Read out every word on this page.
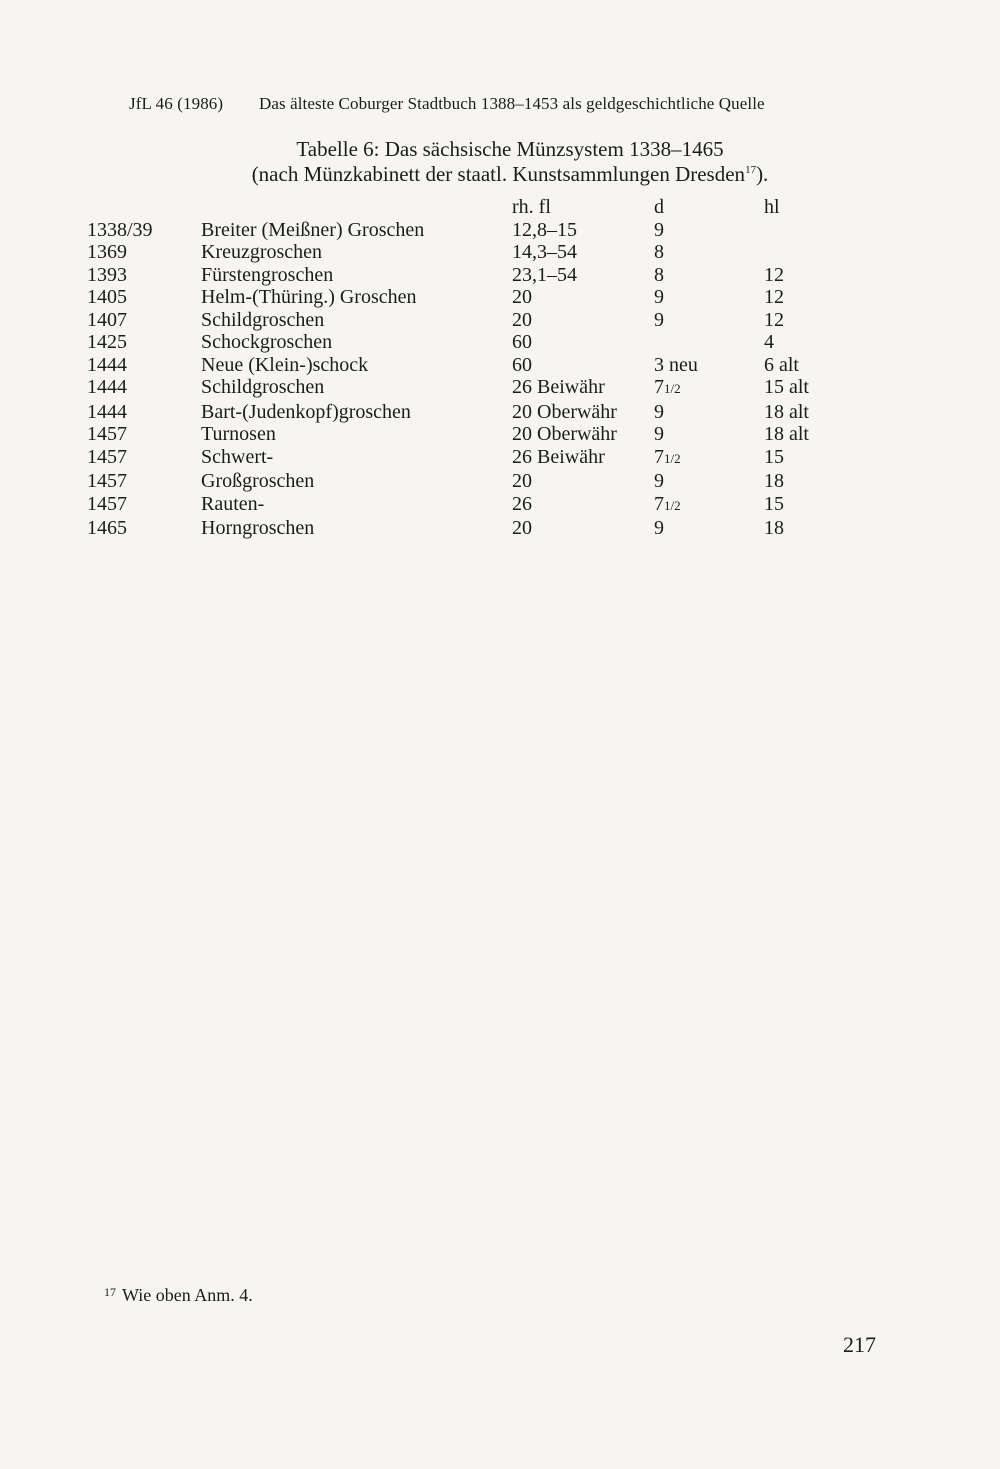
JfL 46 (1986) Das älteste Coburger Stadtbuch 1388–1453 als geldgeschichtliche Quelle
Tabelle 6: Das sächsische Münzsystem 1338–1465
(nach Münzkabinett der staatl. Kunstsammlungen Dresden$^{17}$).
		rh. fl	d	hl
1338/39	Breiter (Meißner) Groschen	12,8–15	9	
1369	Kreuzgroschen	14,3–54	8	
1393	Fürstengroschen	23,1–54	8	12
1405	Helm-(Thüring.) Groschen	20	9	12
1407	Schildgroschen	20	9	12
1425	Schockgroschen	60		4
1444	Neue (Klein-)schock	60	3 neu	6 alt
1444	Schildgroschen	26 Beiwähr	71/2	15 alt
1444	Bart-(Judenkopf)groschen	20 Oberwähr	9	18 alt
1457	Turnosen	20 Oberwähr	9	18 alt
1457	Schwert-	26 Beiwähr	71/2	15
1457	Großgroschen	20	9	18
1457	Rauten-	26	71/2	15
1465	Horngroschen	20	9	18
$^{17}$ Wie oben Anm. 4.
217
